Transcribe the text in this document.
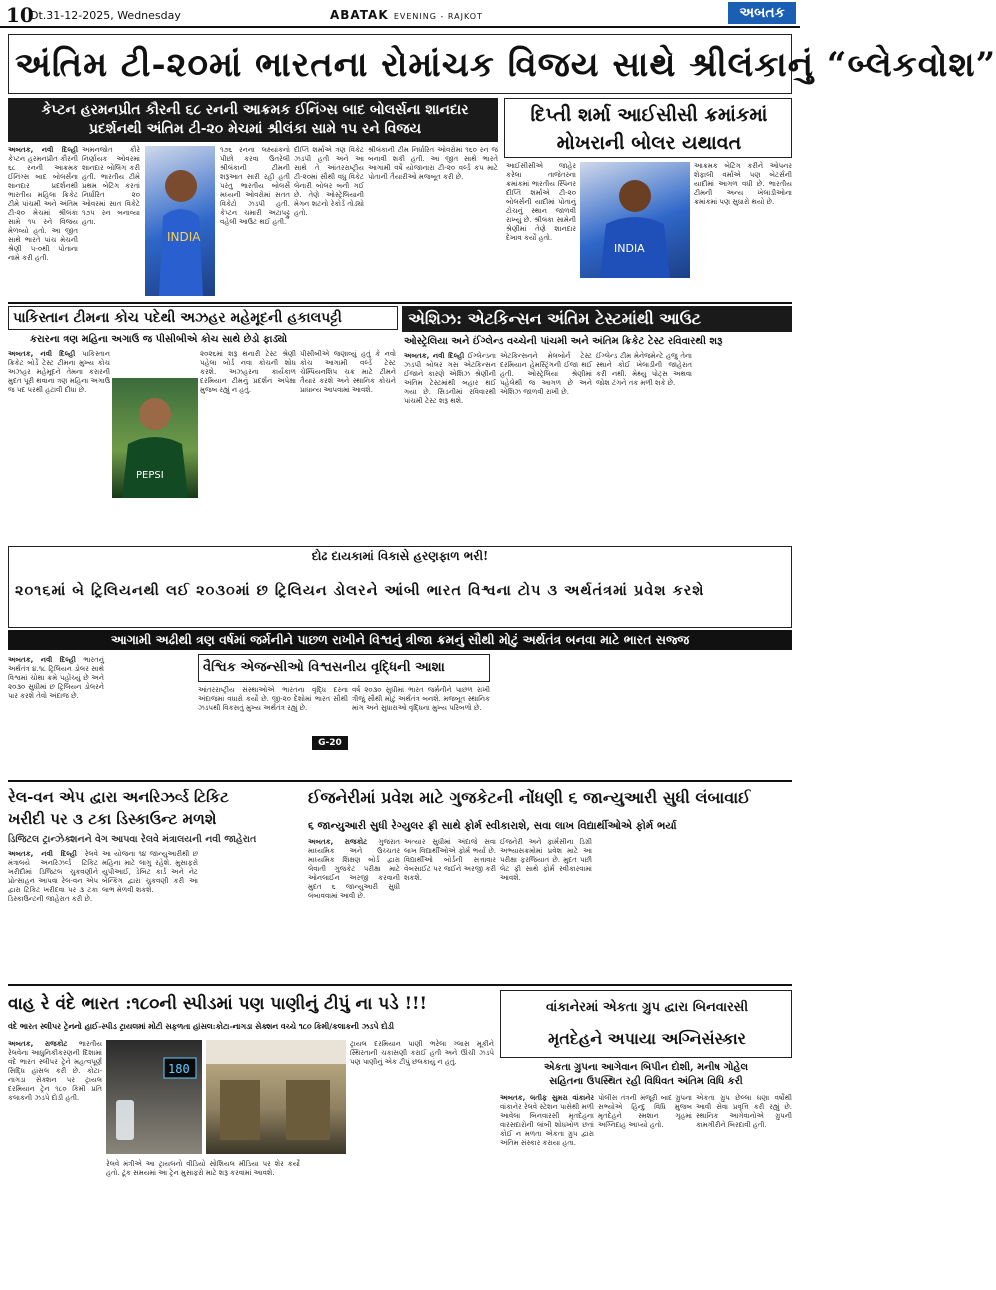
10
Dt.31-12-2025, Wednesday	ABATAK EVENING - RAJKOT	અબતક
અંતિમ ટી-૨૦માં ભારતના રોમાંચક વિજય સાથે શ્રીલંકાનું “બ્લેકવોશ”
કેપ્ટન હરમનપ્રીત કૌરની ૬૮ રનની આક્રમક ઈનિંગ્સ બાદ બોલર્સના શાનદાર
પ્રદર્શનથી અંતિમ ટી-૨૦ મેચમાં શ્રીલંકા સામે ૧૫ રને વિજય
અબતક, નવી દિલ્હી કેપ્ટન હરમનપ્રીત કૌરની ૬૮ રનની આક્રમક ઈનિંગ્સ બાદ બોલર્સના શાનદાર પ્રદર્શનથી ભારતીય મહિલા ક્રિકેટ ટીમે પાંચમી અને અંતિમ ટી-૨૦ મેચમાં શ્રીલંકા સામે ૧૫ રને વિજય મેળવ્યો હતો. આ જીત સાથે ભારતે પાંચ મેચની શ્રેણી ૫-૦થી પોતાના નામે કરી હતી.
અમનજોત કૌરે નિર્ણાયક ઓવરમાં શાનદાર બોલિંગ કરી હતી. ભારતીય ટીમે પ્રથમ બેટિંગ કરતાં નિર્ધારિત ૨૦ ઓવરમાં સાત વિકેટે ૧૭૫ રન બનાવ્યા હતા.
INDIA
૧૭૬ રનના લક્ષ્યાંકનો પીછો કરવા ઉતરેલી શ્રીલંકાની ટીમની શરૂઆત સારી રહી હતી પરંતુ ભારતીય બોલર્સે મધ્યની ઓવરોમાં સતત વિકેટો ઝડપી હતી. કેપ્ટન ચમારી અટાપટ્ટુ વહેલી આઉટ થઈ હતી.
દીપ્તિ શર્માએ ત્રણ વિકેટ ઝડપી હતી અને આ સાથે તે આંતરરાષ્ટ્રીય ટી-૨૦માં સૌથી વધુ વિકેટ લેનારી બોલર બની ગઈ છે. તેણે ઓસ્ટ્રેલિયાની મેગન શટનો રેકોર્ડ તોડ્યો હતો.
શ્રીલંકાની ટીમ નિર્ધારિત ઓવરોમાં ૧૬૦ રન જ બનાવી શકી હતી. આ જીત સાથે ભારતે આગામી વર્ષે યોજાનારા ટી-૨૦ વર્લ્ડ કપ માટે પોતાની તૈયારીઓ મજબૂત કરી છે.
દિપ્તી શર્મા આઈસીસી ક્રમાંકમાં
મોખરાની બોલર યથાવત
આઈસીસીએ જાહેર કરેલા તાજેતરના ક્રમાંકમાં ભારતીય સ્પિનર દીપ્તિ શર્માએ ટી-૨૦ બોલર્સની યાદીમાં પોતાનું ટોચનું સ્થાન જાળવી રાખ્યું છે. શ્રીલંકા સામેની શ્રેણીમાં તેણે શાનદાર દેખાવ કર્યો હતો.
INDIA
આક્રમક બેટિંગ કરીને ઓપનર શેફાલી વર્માએ પણ બેટર્સની યાદીમાં આગળ વધી છે. ભારતીય ટીમની અન્ય ખેલાડીઓના ક્રમાંકમાં પણ સુધારો થયો છે.
પાકિસ્તાન ટીમના કોચ પદેથી અઝહર મહેમૂદની હકાલપટ્ટી
કરારના ત્રણ મહિના અગાઉ જ પીસીબીએ કોચ સાથે છેડો ફાડ્યો
અબતક, નવી દિલ્હી પાકિસ્તાન ક્રિકેટ બોર્ડે ટેસ્ટ ટીમના મુખ્ય કોચ અઝહર મહેમૂદને તેમના કરારની મુદત પૂરી થવાના ત્રણ મહિના અગાઉ જ પદ પરથી હટાવી દીધા છે.
PEPSI
૨૦૨૬માં શરૂ થનારી ટેસ્ટ શ્રેણી પહેલા બોર્ડ નવા કોચની શોધ કરશે. અઝહરના કાર્યકાળ દરમિયાન ટીમનું પ્રદર્શન અપેક્ષા મુજબ રહ્યું ન હતું.
પીસીબીએ જણાવ્યું હતું કે નવો કોચ આગામી વર્લ્ડ ટેસ્ટ ચેમ્પિયનશિપ ચક્ર માટે ટીમને તૈયાર કરશે અને સ્થાનિક કોચને પ્રાધાન્ય આપવામાં આવશે.
એશિઝ: એટકિન્સન અંતિમ ટેસ્ટમાંથી આઉટ
ઓસ્ટ્રેલિયા અને ઈંગ્લેન્ડ વચ્ચેની પાંચમી અને અંતિમ ક્રિકેટ ટેસ્ટ રવિવારથી શરૂ
અબતક, નવી દિલ્હી ઈંગ્લેન્ડના ઝડપી બોલર ગસ એટકિન્સન ઈજાને કારણે એશિઝ શ્રેણીની અંતિમ ટેસ્ટમાંથી બહાર થઈ ગયા છે. સિડનીમાં રવિવારથી પાંચમી ટેસ્ટ શરૂ થશે.
એટકિન્સનને મેલબોર્ન ટેસ્ટ દરમિયાન હેમસ્ટ્રિંગની ઈજા થઈ હતી. ઓસ્ટ્રેલિયા શ્રેણીમાં પહેલેથી જ આગળ છે અને એશિઝ જાળવી રાખી છે.
ઈંગ્લેન્ડ ટીમ મેનેજમેન્ટે હજુ તેના સ્થાને કોઈ ખેલાડીની જાહેરાત કરી નથી. મેથ્યુ પોટ્સ અથવા જોશ ટંગને તક મળી શકે છે.
દોઢ દાયકામાં વિકાસે હરણફાળ ભરી!
૨૦૧૬માં બે ટ્રિલિયનથી લઈ ૨૦૩૦માં છ ટ્રિલિયન ડોલરને આંબી ભારત વિશ્વના ટોપ ૩ અર્થતંત્રમાં પ્રવેશ કરશે
આગામી અઢીથી ત્રણ વર્ષમાં જર્મનીને પાછળ રાખીને વિશ્વનું ત્રીજા ક્રમનું સૌથી મોટું અર્થતંત્ર બનવા માટે ભારત સજ્જ
અબતક, નવી દિલ્હી ભારતનું અર્થતંત્ર ૪.૧૮ ટ્રિલિયન ડોલર સાથે વિશ્વમાં ચોથા ક્રમે પહોંચ્યું છે અને ૨૦૩૦ સુધીમાં છ ટ્રિલિયન ડોલરને પાર કરશે તેવો અંદાજ છે.
વૈશ્વિક એજન્સીઓ વિશ્વસનીય વૃદ્ધિની આશા
આંતરરાષ્ટ્રીય સંસ્થાઓએ ભારતના વૃદ્ધિ દરના અંદાજમાં વધારો કર્યો છે. જી-૨૦ દેશોમાં ભારત સૌથી ઝડપથી વિકસતું મુખ્ય અર્થતંત્ર રહ્યું છે.
G-20
વર્ષ ૨૦૩૦ સુધીમાં ભારત જર્મનીને પાછળ રાખી ત્રીજું સૌથી મોટું અર્થતંત્ર બનશે. મજબૂત સ્થાનિક માંગ અને સુધારાઓ વૃદ્ધિના મુખ્ય પરિબળો છે.
રેલ-વન એપ દ્વારા અનરિઝર્વ્ડ ટિકિટ
ખરીદી પર ૩ ટકા ડિસ્કાઉન્ટ મળશે
ડિજિટલ ટ્રાન્ઝેક્શનને વેગ આપવા રેલવે મંત્રાલયની નવી જાહેરાત
અબતક, નવી દિલ્હી રેલવે મંત્રાલયે અનરિઝર્વ્ડ ટિકિટ ખરીદીમાં ડિજિટલ ચુકવણીને પ્રોત્સાહન આપવા રેલ-વન એપ દ્વારા ટિકિટ ખરીદવા પર ૩ ટકા ડિસ્કાઉન્ટની જાહેરાત કરી છે.
આ યોજના ૧૪ જાન્યુઆરીથી છ મહિના માટે લાગુ રહેશે. મુસાફરો યુપીઆઈ, ડેબિટ કાર્ડ અને નેટ બેન્કિંગ દ્વારા ચુકવણી કરી આ લાભ મેળવી શકશે.
ઈજનેરીમાં પ્રવેશ માટે ગુજકેટની નોંધણી ૬ જાન્યુઆરી સુધી લંબાવાઈ
૬ જાન્યુઆરી સુધી રેગ્યુલર ફ્રી સાથે ફોર્મ સ્વીકારાશે, સવા લાખ વિદ્યાર્થીઓએ ફોર્મ ભર્યા
અબતક, રાજકોટ ગુજરાત માધ્યમિક અને ઉચ્ચતર માધ્યમિક શિક્ષણ બોર્ડ દ્વારા લેવાતી ગુજકેટ પરીક્ષા માટે ઓનલાઈન અરજી કરવાની મુદત ૬ જાન્યુઆરી સુધી લંબાવવામાં આવી છે.
અત્યાર સુધીમાં અંદાજે સવા લાખ વિદ્યાર્થીઓએ ફોર્મ ભર્યા છે. વિદ્યાર્થીઓ બોર્ડની સત્તાવાર વેબસાઈટ પર જઈને અરજી કરી શકશે.
ઈજનેરી અને ફાર્મસીના ડિગ્રી અભ્યાસક્રમોમાં પ્રવેશ માટે આ પરીક્ષા ફરજિયાત છે. મુદત પછી લેટ ફી સાથે ફોર્મ સ્વીકારવામાં આવશે.
વાહ રે વંદે ભારત :૧૮૦ની સ્પીડમાં પણ પાણીનું ટીપું ના પડે !!!
વંદે ભારત સ્લીપર ટ્રેનનો હાઈ-સ્પીડ ટ્રાયલમાં મોટી સફળતા હાંસલ:કોટા-નાગડા સેક્શન વચ્ચે ૧૮૦ કિમી/કલાકની ઝડપે દોડી
અબતક, રાજકોટ ભારતીય રેલવેના આધુનિકીકરણની દિશામાં વંદે ભારત સ્લીપર ટ્રેને મહત્વપૂર્ણ સિદ્ધિ હાંસલ કરી છે. કોટા-નાગડા સેક્શન પર ટ્રાયલ દરમિયાન ટ્રેન ૧૮૦ કિમી પ્રતિ કલાકની ઝડપે દોડી હતી.
180
ટ્રાયલ દરમિયાન પાણી ભરેલા ગ્લાસ મૂકીને સ્થિરતાની ચકાસણી કરાઈ હતી અને ઊંચી ઝડપે પણ પાણીનું એક ટીપું છલકાયું ન હતું.
રેલવે મંત્રીએ આ ટ્રાયલનો વીડિયો સોશિયલ મીડિયા પર શેર કર્યો હતો. ટૂંક સમયમાં આ ટ્રેન મુસાફરો માટે શરૂ કરવામાં આવશે.
વાંકાનેરમાં એકતા ગ્રુપ દ્વારા બિનવારસી
મૃતદેહને અપાયા અગ્નિસંસ્કાર
એકતા ગ્રુપના આગેવાન બિપીન દોશી, મનીષ ગોહેલ
સહિતના ઉપસ્થિત રહી વિધિવત અંતિમ વિધિ કરી
અબતક, લતીફ સુમરા વાંકાનેર વાંકાનેર રેલવે સ્ટેશન પાસેથી મળી આવેલા બિનવારસી મૃતદેહના વારસદારોની લાંબી શોધખોળ છતાં કોઈ ન મળતા એકતા ગ્રુપ દ્વારા અંતિમ સંસ્કાર કરાયા હતા.
પોલીસ તંત્રની મંજૂરી બાદ ગ્રુપના સભ્યોએ હિન્દુ વિધિ મુજબ મૃતદેહને સ્મશાન ગૃહમાં અગ્નિદાહ આપ્યો હતો.
એકતા ગ્રુપ છેલ્લા ઘણા વર્ષોથી આવી સેવા પ્રવૃત્તિ કરી રહ્યું છે. સ્થાનિક આગેવાનોએ ગ્રુપની કામગીરીને બિરદાવી હતી.
